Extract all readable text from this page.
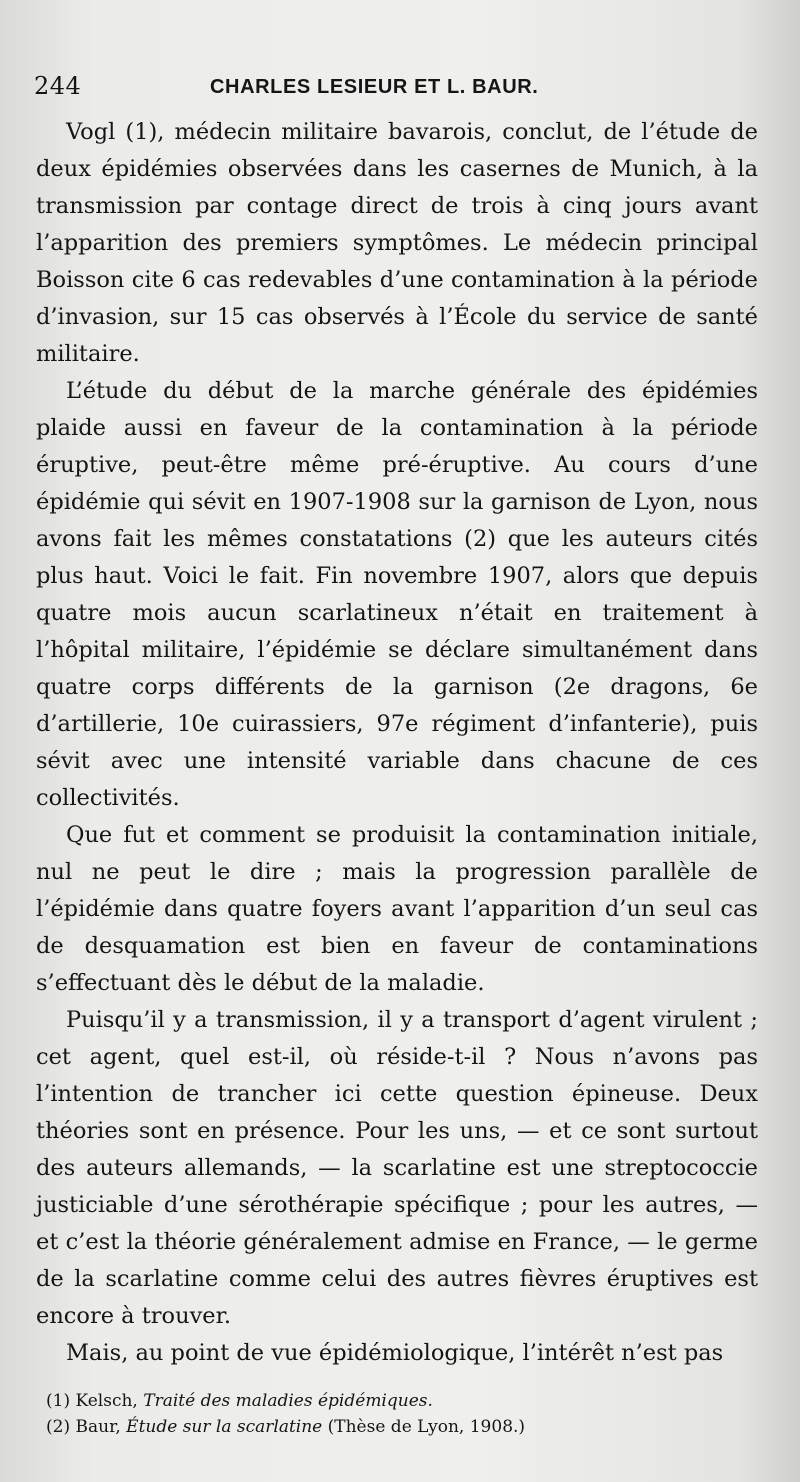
244	CHARLES LESIEUR ET L. BAUR.

Vogl (1), médecin militaire bavarois, conclut, de l’étude de deux épidémies observées dans les casernes de Munich, à la transmission par contage direct de trois à cinq jours avant l’apparition des premiers symptômes. Le médecin principal Boisson cite 6 cas redevables d’une contamination à la période d’invasion, sur 15 cas observés à l’École du service de santé militaire.

L’étude du début de la marche générale des épidémies plaide aussi en faveur de la contamination à la période éruptive, peut-être même pré-éruptive. Au cours d’une épidémie qui sévit en 1907-1908 sur la garnison de Lyon, nous avons fait les mêmes constatations (2) que les auteurs cités plus haut. Voici le fait. Fin novembre 1907, alors que depuis quatre mois aucun scarlatineux n’était en traitement à l’hôpital militaire, l’épidémie se déclare simultanément dans quatre corps différents de la garnison (2e dragons, 6e d’artillerie, 10e cuirassiers, 97e régiment d’infanterie), puis sévit avec une intensité variable dans chacune de ces collectivités.

Que fut et comment se produisit la contamination initiale, nul ne peut le dire ; mais la progression parallèle de l’épidémie dans quatre foyers avant l’apparition d’un seul cas de desquamation est bien en faveur de contaminations s’effectuant dès le début de la maladie.

Puisqu’il y a transmission, il y a transport d’agent virulent ; cet agent, quel est-il, où réside-t-il ? Nous n’avons pas l’intention de trancher ici cette question épineuse. Deux théories sont en présence. Pour les uns, — et ce sont surtout des auteurs allemands, — la scarlatine est une streptococcie justiciable d’une sérothérapie spécifique ; pour les autres, — et c’est la théorie généralement admise en France, — le germe de la scarlatine comme celui des autres fièvres éruptives est encore à trouver.

Mais, au point de vue épidémiologique, l’intérêt n’est pas

(1) Kelsch, Traité des maladies épidémiques.

(2) Baur, Étude sur la scarlatine (Thèse de Lyon, 1908.)
